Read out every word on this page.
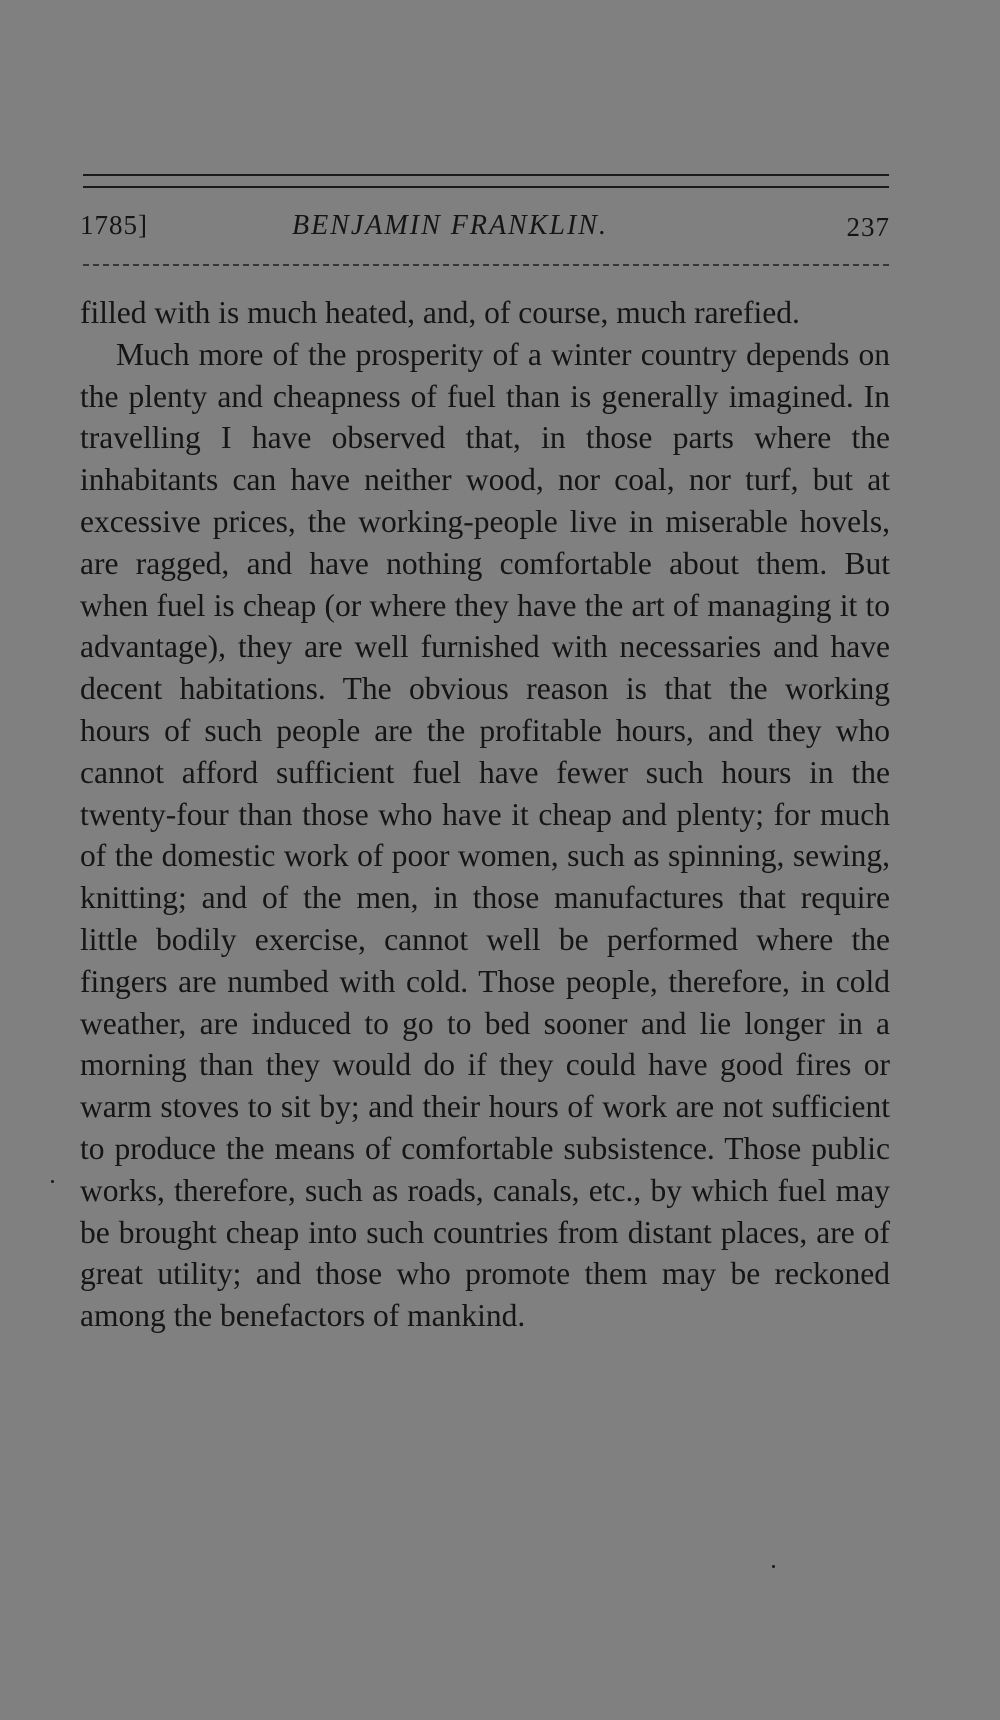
1785]	BENJAMIN FRANKLIN.	237

filled with is much heated, and, of course, much rarefied.

Much more of the prosperity of a winter country depends on the plenty and cheapness of fuel than is generally imagined. In travelling I have observed that, in those parts where the inhabitants can have neither wood, nor coal, nor turf, but at excessive prices, the working-people live in miserable hovels, are ragged, and have nothing comfortable about them. But when fuel is cheap (or where they have the art of managing it to advantage), they are well furnished with necessaries and have decent habitations. The obvious reason is that the working hours of such people are the profitable hours, and they who cannot afford sufficient fuel have fewer such hours in the twenty-four than those who have it cheap and plenty; for much of the domestic work of poor women, such as spinning, sewing, knitting; and of the men, in those manufactures that require little bodily exercise, cannot well be performed where the fingers are numbed with cold. Those people, therefore, in cold weather, are induced to go to bed sooner and lie longer in a morning than they would do if they could have good fires or warm stoves to sit by; and their hours of work are not sufficient to produce the means of comfortable subsistence. Those public works, therefore, such as roads, canals, etc., by which fuel may be brought cheap into such countries from distant places, are of great utility; and those who promote them may be reckoned among the benefactors of mankind.
